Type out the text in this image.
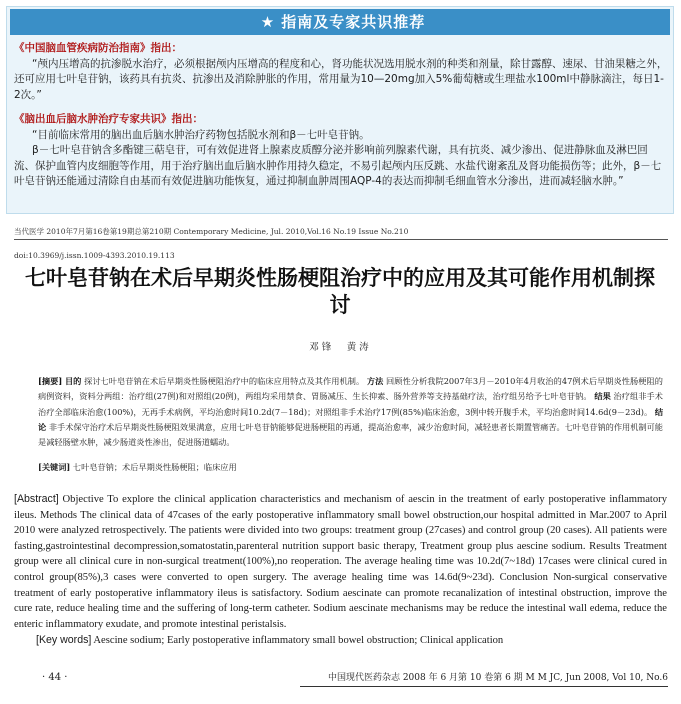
★ 指南及专家共识推荐
《中国脑血管疾病防治指南》指出：
“颅内压增高的抗渗脱水治疗，必须根据颅内压增高的程度和心，肾功能状况选用脱水剂的种类和剂量，除甘露醇、速尿、甘油果糖之外，还可应用七叶皂苷钠，该药具有抗炎、抗渗出及消除肿胀的作用，常用量为10—20mg加入5%葡萄糖或生理盐水100ml中静脉滴注，每日1-2次。”
《脑出血后脑水肿治疗专家共识》指出：
“目前临床常用的脑出血后脑水肿治疗药物包括脱水剂和β－七叶皂苷钠。
β－七叶皂苷钠含多酯键三萜皂苷，可有效促进肾上腺素皮质醇分泌并影响前列腺素代谢，具有抗炎、减少渗出、促进静脉血及淋巴回流、保护血管内皮细胞等作用，用于治疗脑出血后脑水肿作用持久稳定，不易引起颅内压反跳、水盐代谢紊乱及肾功能损伤等；此外，β－七叶皂苷钠还能通过清除自由基而有效促进脑功能恢复，通过抑制血肿周围AQP-4的表达而抑制毛细血管水分渗出，进而减轻脑水肿。”
当代医学 2010年7月第16卷第19期总第210期 Contemporary Medicine, Jul. 2010,Vol.16 No.19 Issue No.210
doi:10.3969/j.issn.1009-4393.2010.19.113
七叶皂苷钠在术后早期炎性肠梗阻治疗中的应用及其可能作用机制探讨
邓锋　黄涛
[摘要] 目的 探讨七叶皂苷钠在术后早期炎性肠梗阻治疗中的临床应用特点及其作用机制。 方法 回顾性分析我院2007年3月－2010年4月收治的47例术后早期炎性肠梗阻的病例资料，资料分两组：治疗组(27例)和对照组(20例)，两组均采用禁食、胃肠减压、生长抑素、肠外营养等支持基础疗法，治疗组另给予七叶皂苷钠。 结果 治疗组非手术治疗全部临床治愈(100%)，无再手术病例，平均治愈时间10.2d(7－18d)；对照组非手术治疗17例(85%)临床治愈，3例中转开腹手术，平均治愈时间14.6d(9－23d)。 结论 非手术保守治疗术后早期炎性肠梗阻效果满意，应用七叶皂苷钠能够促进肠梗阻的再通，提高治愈率，减少治愈时间，减轻患者长期置管痛苦。七叶皂苷钠的作用机制可能是减轻肠壁水肿，减少肠道炎性渗出，促进肠道蠕动。
[关键词] 七叶皂苷钠；术后早期炎性肠梗阻；临床应用
[Abstract] Objective To explore the clinical application characteristics and mechanism of aescin in the treatment of early postoperative inflammatory ileus. Methods The clinical data of 47cases of the early postoperative inflammatory small bowel obstruction,our hospital admitted in Mar.2007 to April 2010 were analyzed retrospectively. The patients were divided into two groups: treatment group (27cases) and control group (20 cases). All patients were fasting,gastrointestinal decompression,somatostatin,parenteral nutrition support basic therapy, Treatment group plus aescine sodium. Results Treatment group were all clinical cure in non-surgical treatment(100%),no reoperation. The average healing time was 10.2d(7~18d) 17cases were clinical cured in control group(85%),3 cases were converted to open surgery. The average healing time was 14.6d(9~23d). Conclusion Non-surgical conservative treatment of early postoperative inflammatory ileus is satisfactory. Sodium aescinate can promote recanalization of intestinal obstruction, improve the cure rate, reduce healing time and the suffering of long-term catheter. Sodium aescinate mechanisms may be reduce the intestinal wall edema, reduce the enteric inflammatory exudate, and promote intestinal peristalsis.
[Key words] Aescine sodium; Early postoperative inflammatory small bowel obstruction; Clinical application
· 44 ·	中国现代医药杂志 2008 年 6 月第 10 卷第 6 期 M M JC, Jun 2008, Vol 10, No.6
